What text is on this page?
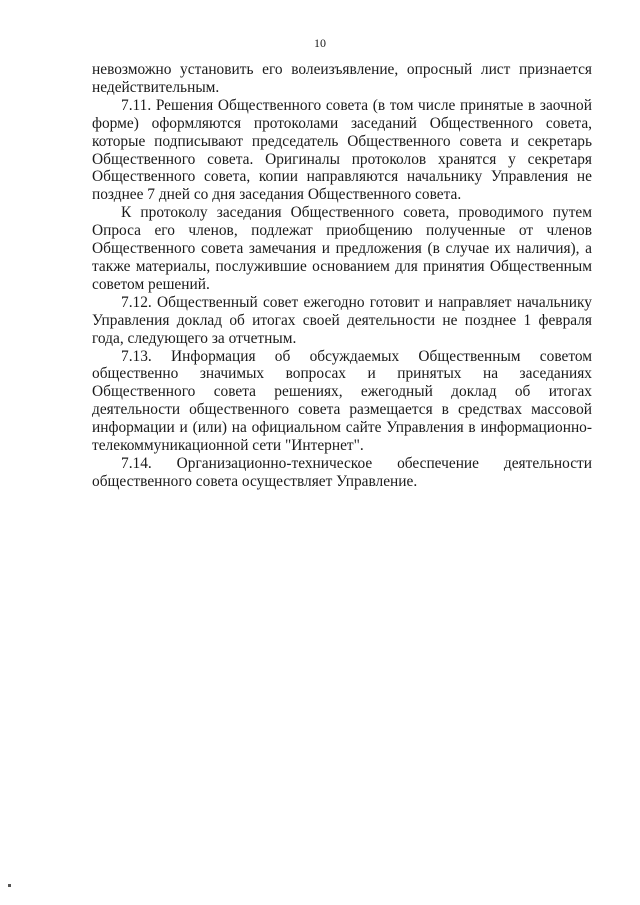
10

невозможно установить его волеизъявление, опросный лист признается недействительным.

7.11. Решения Общественного совета (в том числе принятые в заочной форме) оформляются протоколами заседаний Общественного совета, которые подписывают председатель Общественного совета и секретарь Общественного совета. Оригиналы протоколов хранятся у секретаря Общественного совета, копии направляются начальнику Управления не позднее 7 дней со дня заседания Общественного совета.

К протоколу заседания Общественного совета, проводимого путем Опроса его членов, подлежат приобщению полученные от членов Общественного совета замечания и предложения (в случае их наличия), а также материалы, послужившие основанием для принятия Общественным советом решений.

7.12. Общественный совет ежегодно готовит и направляет начальнику Управления доклад об итогах своей деятельности не позднее 1 февраля года, следующего за отчетным.

7.13. Информация об обсуждаемых Общественным советом общественно значимых вопросах и принятых на заседаниях Общественного совета решениях, ежегодный доклад об итогах деятельности общественного совета размещается в средствах массовой информации и (или) на официальном сайте Управления в информационно-телекоммуникационной сети "Интернет".

7.14. Организационно-техническое обеспечение деятельности общественного совета осуществляет Управление.
